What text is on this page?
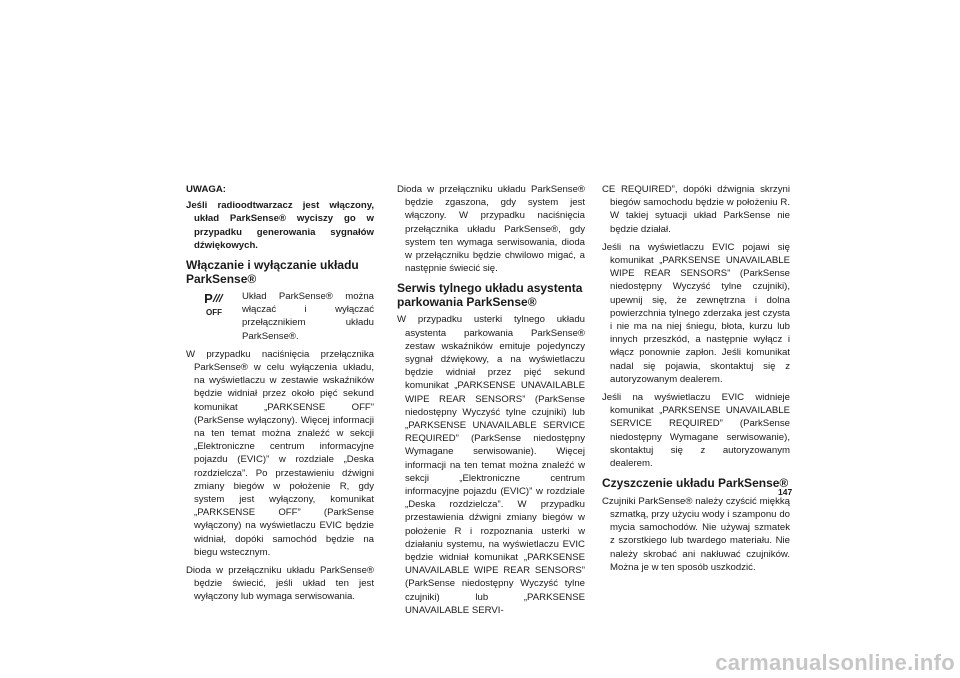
UWAGA:

Jeśli radioodtwarzacz jest włączony, układ ParkSense® wyciszy go w przypadku generowania sygnałów dźwiękowych.

Włączanie i wyłączanie układu ParkSense®
P
OFF

Układ ParkSense® można włączać i wyłączać przełącznikiem układu ParkSense®.

W przypadku naciśnięcia przełącznika ParkSense® w celu wyłączenia układu, na wyświetlaczu w zestawie wskaźników będzie widniał przez około pięć sekund komunikat „PARKSENSE OFF” (ParkSense wyłączony). Więcej informacji na ten temat można znaleźć w sekcji „Elektroniczne centrum informacyjne pojazdu (EVIC)” w rozdziale „Deska rozdzielcza”. Po przestawieniu dźwigni zmiany biegów w położenie R, gdy system jest wyłączony, komunikat „PARKSENSE OFF” (ParkSense wyłączony) na wyświetlaczu EVIC będzie widniał, dopóki samochód będzie na biegu wstecznym.

Dioda w przełączniku układu ParkSense® będzie świecić, jeśli układ ten jest wyłączony lub wymaga serwisowania.

Dioda w przełączniku układu ParkSense® będzie zgaszona, gdy system jest włączony. W przypadku naciśnięcia przełącznika układu ParkSense®, gdy system ten wymaga serwisowania, dioda w przełączniku będzie chwilowo migać, a następnie świecić się.

Serwis tylnego układu asystenta parkowania ParkSense®

W przypadku usterki tylnego układu asystenta parkowania ParkSense® zestaw wskaźników emituje pojedynczy sygnał dźwiękowy, a na wyświetlaczu będzie widniał przez pięć sekund komunikat „PARKSENSE UNAVAILABLE WIPE REAR SENSORS” (ParkSense niedostępny Wyczyść tylne czujniki) lub „PARKSENSE UNAVAILABLE SERVICE REQUIRED” (ParkSense niedostępny Wymagane serwisowanie). Więcej informacji na ten temat można znaleźć w sekcji „Elektroniczne centrum informacyjne pojazdu (EVIC)” w rozdziale „Deska rozdzielcza”. W przypadku przestawienia dźwigni zmiany biegów w położenie R i rozpoznania usterki w działaniu systemu, na wyświetlaczu EVIC będzie widniał komunikat „PARKSENSE UNAVAILABLE WIPE REAR SENSORS” (ParkSense niedostępny Wyczyść tylne czujniki) lub „PARKSENSE UNAVAILABLE SERVI-

CE REQUIRED”, dopóki dźwignia skrzyni biegów samochodu będzie w położeniu R. W takiej sytuacji układ ParkSense nie będzie działał.

Jeśli na wyświetlaczu EVIC pojawi się komunikat „PARKSENSE UNAVAILABLE WIPE REAR SENSORS” (ParkSense niedostępny Wyczyść tylne czujniki), upewnij się, że zewnętrzna i dolna powierzchnia tylnego zderzaka jest czysta i nie ma na niej śniegu, błota, kurzu lub innych przeszkód, a następnie wyłącz i włącz ponownie zapłon. Jeśli komunikat nadal się pojawia, skontaktuj się z autoryzowanym dealerem.

Jeśli na wyświetlaczu EVIC widnieje komunikat „PARKSENSE UNAVAILABLE SERVICE REQUIRED” (ParkSense niedostępny Wymagane serwisowanie), skontaktuj się z autoryzowanym dealerem.

Czyszczenie układu ParkSense®

Czujniki ParkSense® należy czyścić miękką szmatką, przy użyciu wody i szamponu do mycia samochodów. Nie używaj szmatek z szorstkiego lub twardego materiału. Nie należy skrobać ani nakłuwać czujników. Można je w ten sposób uszkodzić.

147
carmanualsonline.info
